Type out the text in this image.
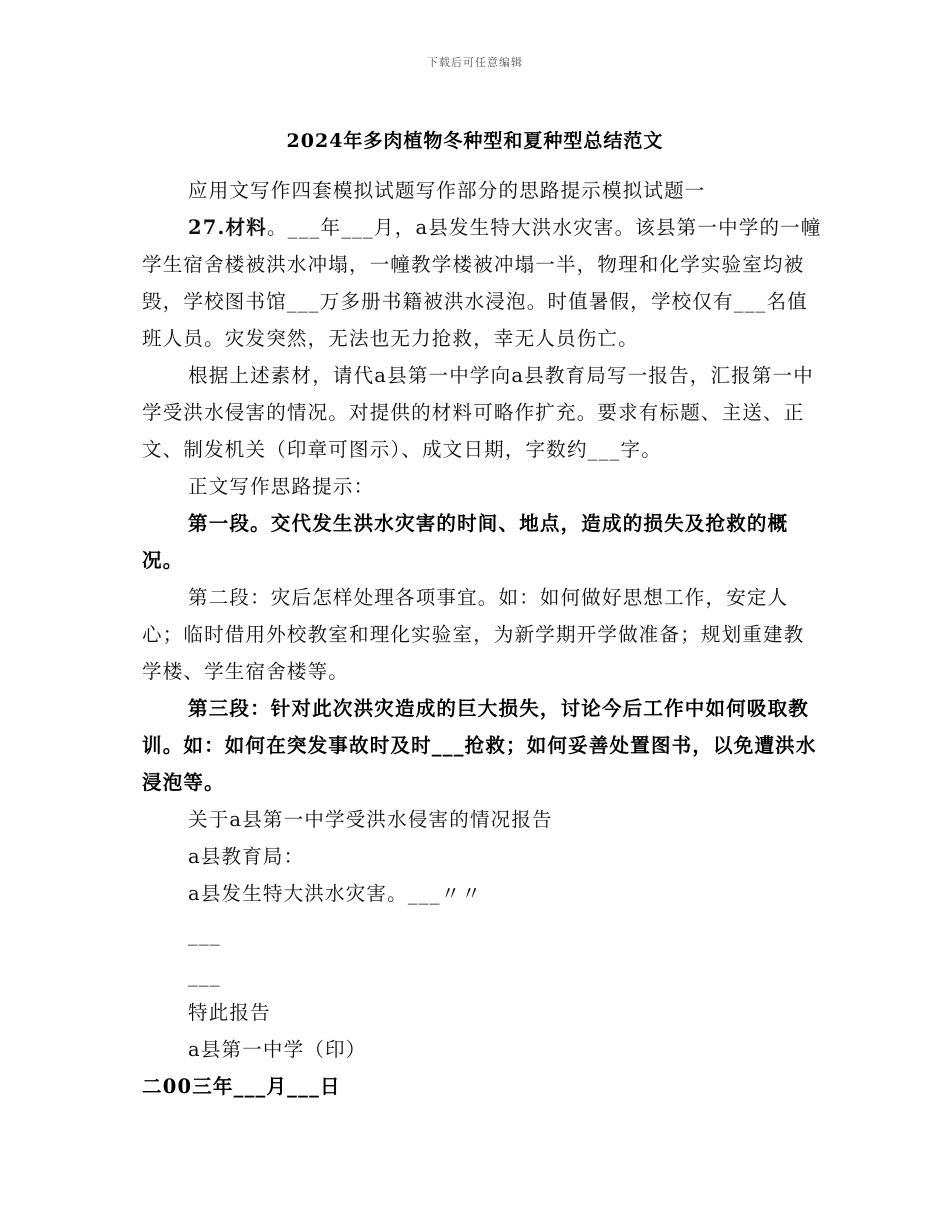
下载后可任意编辑
2024年多肉植物冬种型和夏种型总结范文

应用文写作四套模拟试题写作部分的思路提示模拟试题一

27.材料。___年___月，a县发生特大洪水灾害。该县第一中学的一幢学生宿舍楼被洪水冲塌，一幢教学楼被冲塌一半，物理和化学实验室均被毁，学校图书馆___万多册书籍被洪水浸泡。时值暑假，学校仅有___名值班人员。灾发突然，无法也无力抢救，幸无人员伤亡。

根据上述素材，请代a县第一中学向a县教育局写一报告，汇报第一中学受洪水侵害的情况。对提供的材料可略作扩充。要求有标题、主送、正文、制发机关（印章可图示）、成文日期，字数约___字。

正文写作思路提示：

第一段。交代发生洪水灾害的时间、地点，造成的损失及抢救的概况。

第二段：灾后怎样处理各项事宜。如：如何做好思想工作，安定人心；临时借用外校教室和理化实验室，为新学期开学做准备；规划重建教学楼、学生宿舍楼等。

第三段：针对此次洪灾造成的巨大损失，讨论今后工作中如何吸取教训。如：如何在突发事故时及时___抢救；如何妥善处置图书，以免遭洪水浸泡等。

关于a县第一中学受洪水侵害的情况报告

a县教育局：

a县发生特大洪水灾害。___〃〃

___

___

特此报告

a县第一中学（印）

二00三年___月___日
